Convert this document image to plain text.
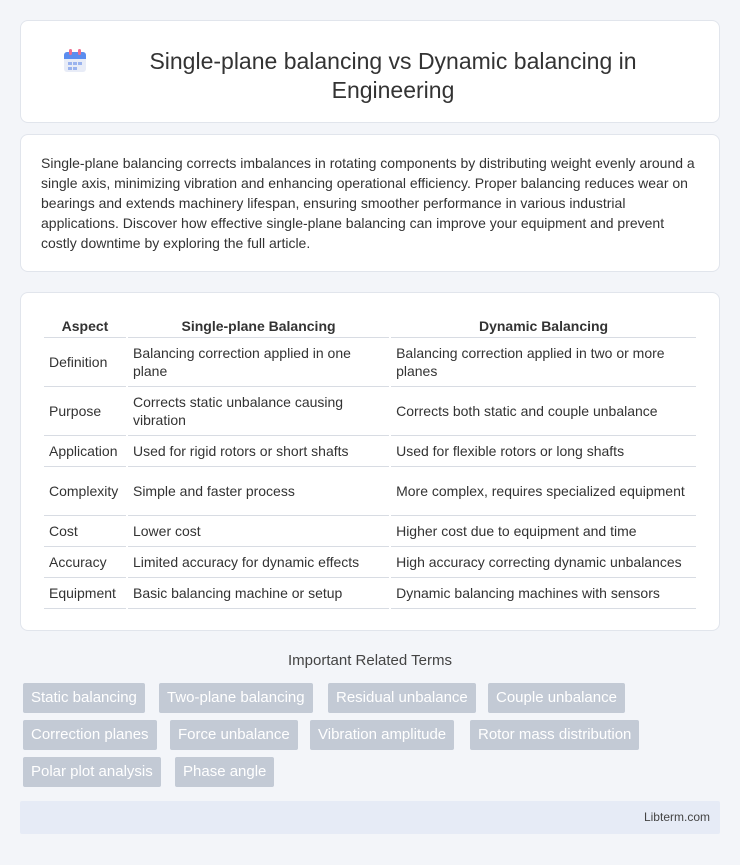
Single-plane balancing vs Dynamic balancing in Engineering

Single-plane balancing corrects imbalances in rotating components by distributing weight evenly around a single axis, minimizing vibration and enhancing operational efficiency. Proper balancing reduces wear on bearings and extends machinery lifespan, ensuring smoother performance in various industrial applications. Discover how effective single-plane balancing can improve your equipment and prevent costly downtime by exploring the full article.

Aspect	Single-plane Balancing	Dynamic Balancing
Definition	Balancing correction applied in one plane	Balancing correction applied in two or more planes
Purpose	Corrects static unbalance causing vibration	Corrects both static and couple unbalance
Application	Used for rigid rotors or short shafts	Used for flexible rotors or long shafts
Complexity	Simple and faster process	More complex, requires specialized equipment
Cost	Lower cost	Higher cost due to equipment and time
Accuracy	Limited accuracy for dynamic effects	High accuracy correcting dynamic unbalances
Equipment	Basic balancing machine or setup	Dynamic balancing machines with sensors
Important Related Terms
Static balancing	Two-plane balancing	Residual unbalance	Couple unbalance
Correction planes	Force unbalance	Vibration amplitude	Rotor mass distribution
Polar plot analysis	Phase angle
Libterm.com
